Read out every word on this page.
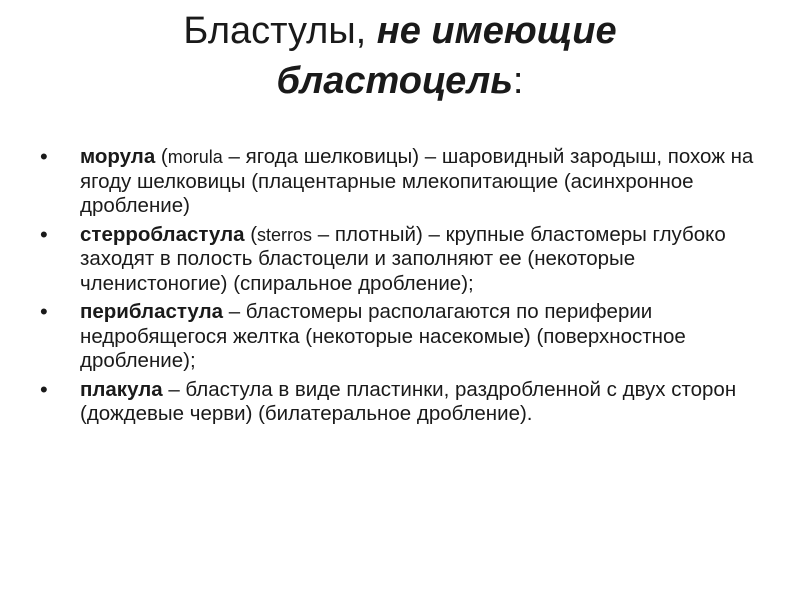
Бластулы, не имеющие
бластоцель:
• морула (morula – ягода шелковицы) – шаровидный зародыш, похож на ягоду шелковицы (плацентарные млекопитающие (асинхронное дробление)
• стерробластула (sterros – плотный) – крупные бластомеры глубоко заходят в полость бластоцели и заполняют ее (некоторые членистоногие) (спиральное дробление);
• перибластула – бластомеры располагаются по периферии недробящегося желтка (некоторые насекомые) (поверхностное дробление);
• плакула – бластула в виде пластинки, раздробленной с двух сторон (дождевые черви) (билатеральное дробление).
